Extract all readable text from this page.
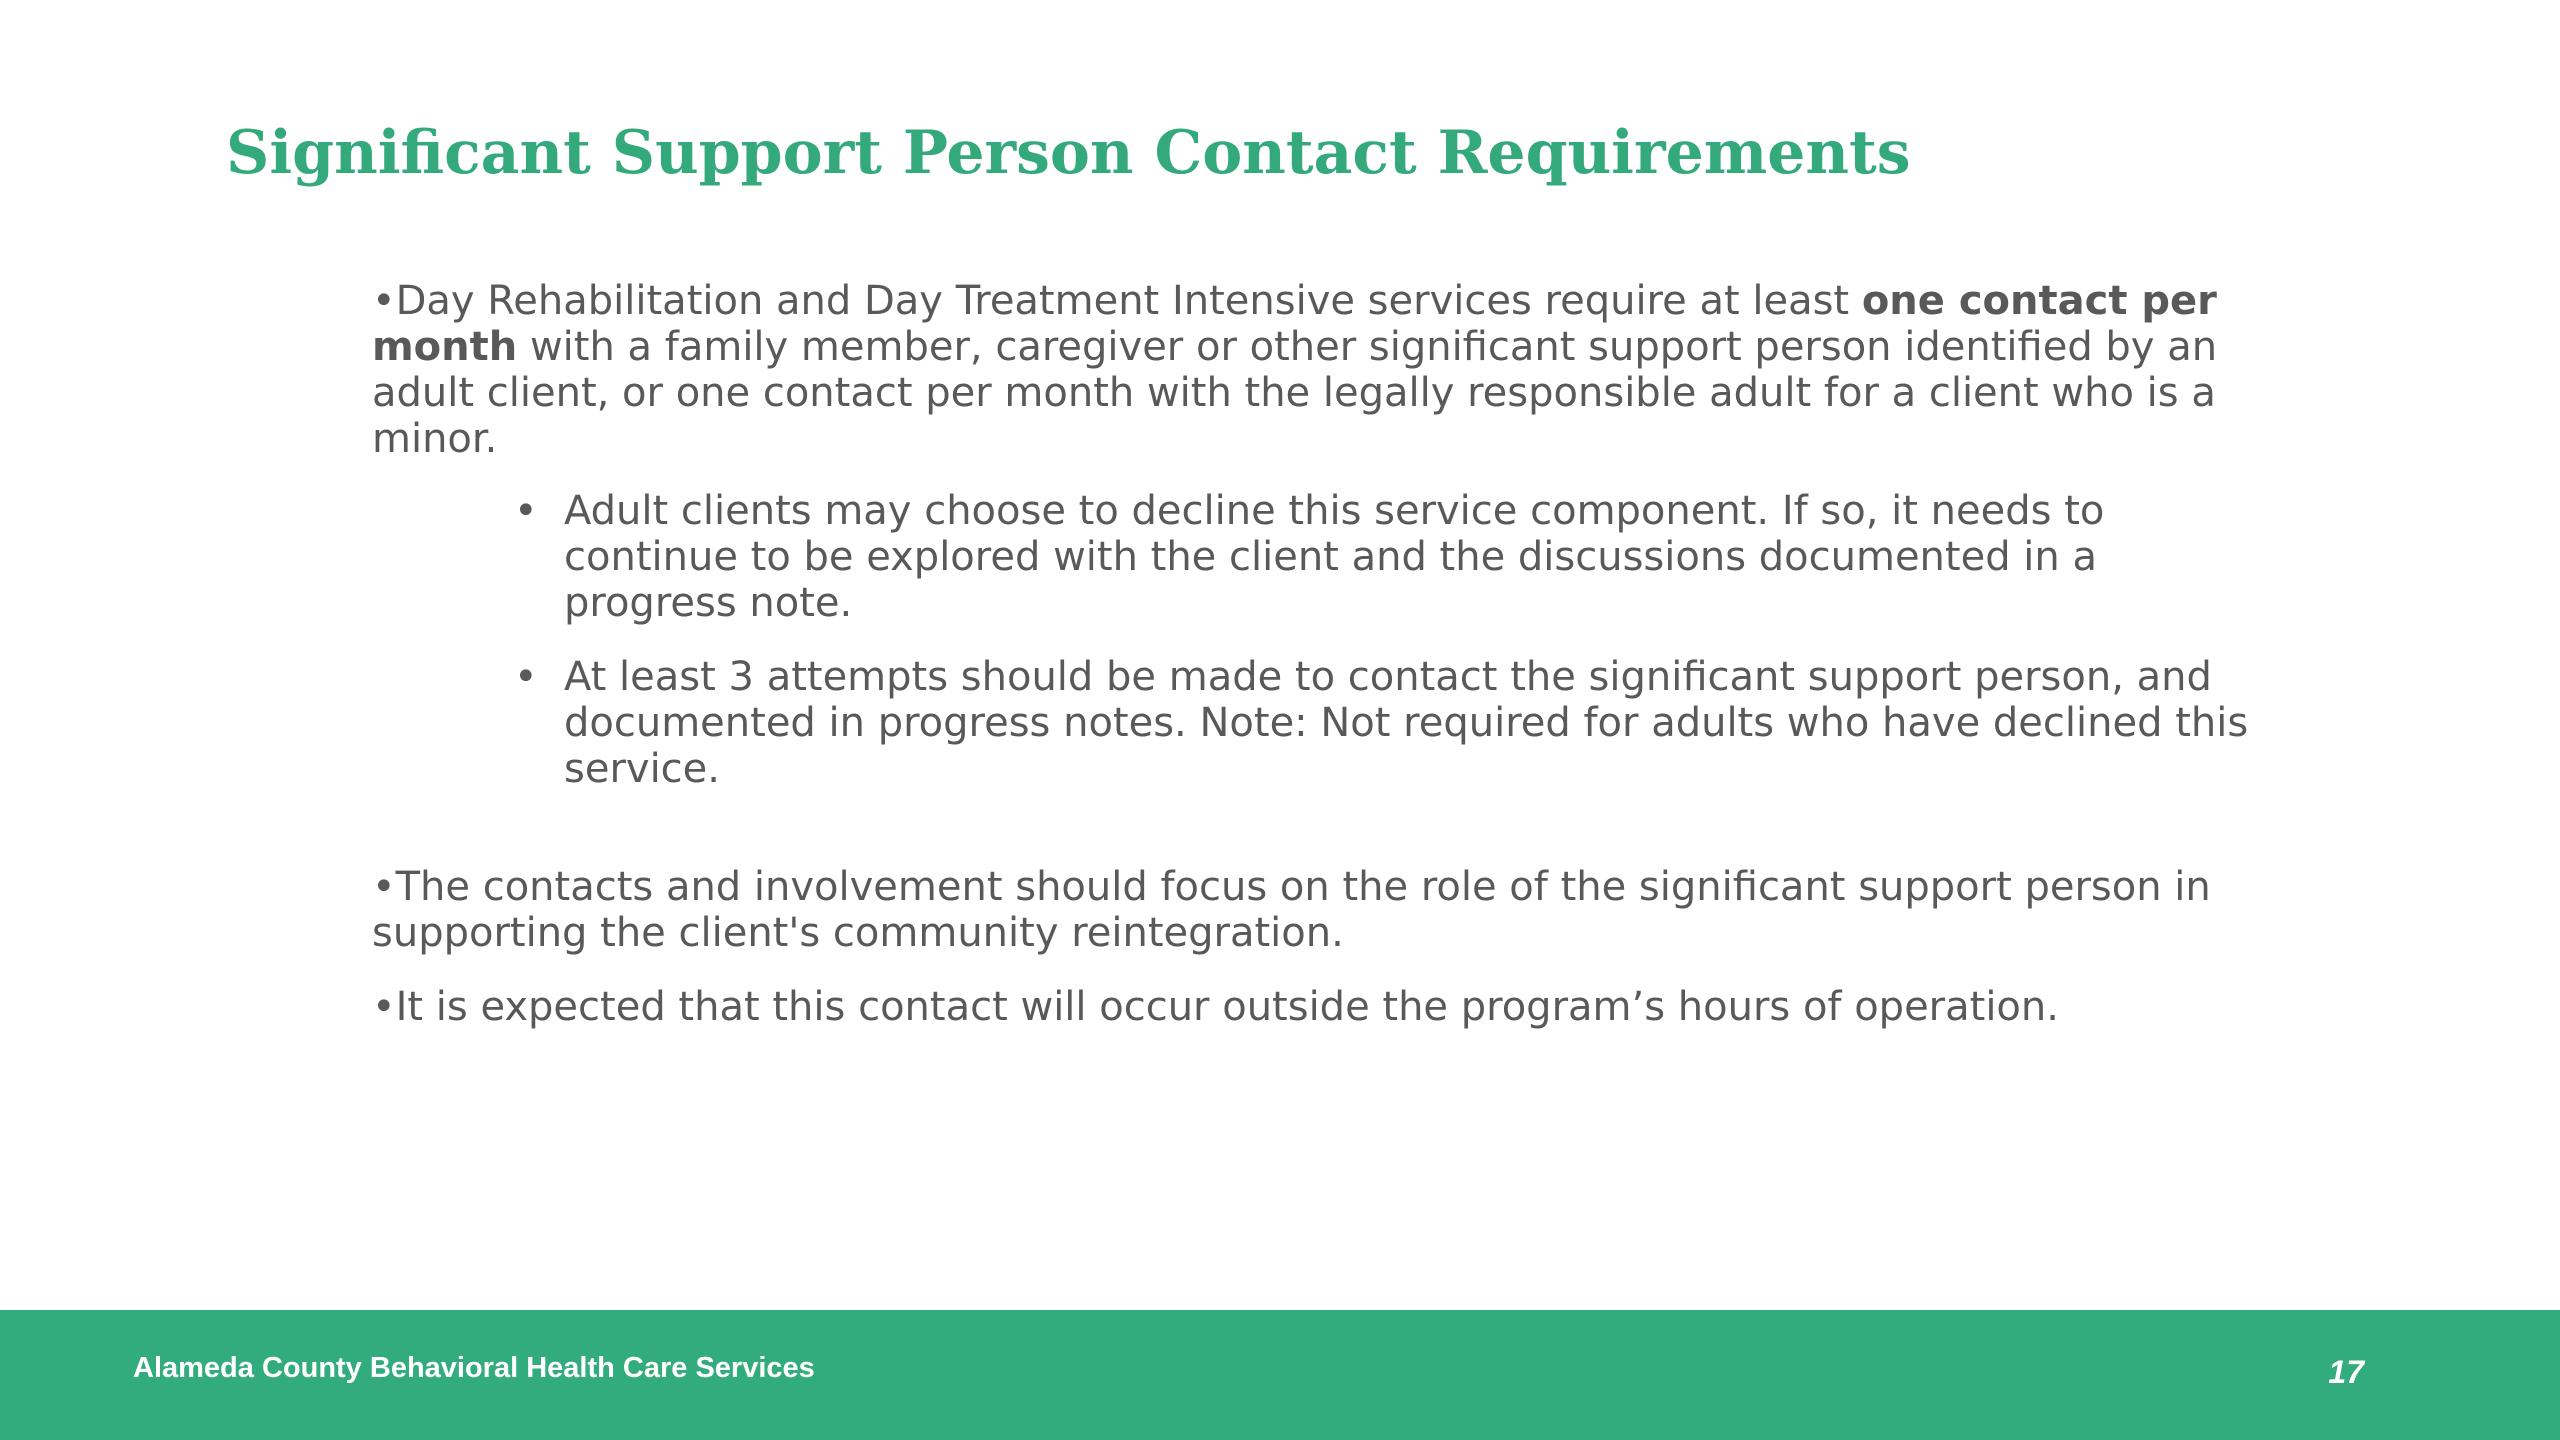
Significant Support Person Contact Requirements

•Day Rehabilitation and Day Treatment Intensive services require at least one contact per month with a family member, caregiver or other significant support person identified by an adult client, or one contact per month with the legally responsible adult for a client who is a minor.

• Adult clients may choose to decline this service component. If so, it needs to continue to be explored with the client and the discussions documented in a progress note.
• At least 3 attempts should be made to contact the significant support person, and documented in progress notes. Note: Not required for adults who have declined this service.

•The contacts and involvement should focus on the role of the significant support person in supporting the client's community reintegration.

•It is expected that this contact will occur outside the program’s hours of operation.

Alameda County Behavioral Health Care Services	17
